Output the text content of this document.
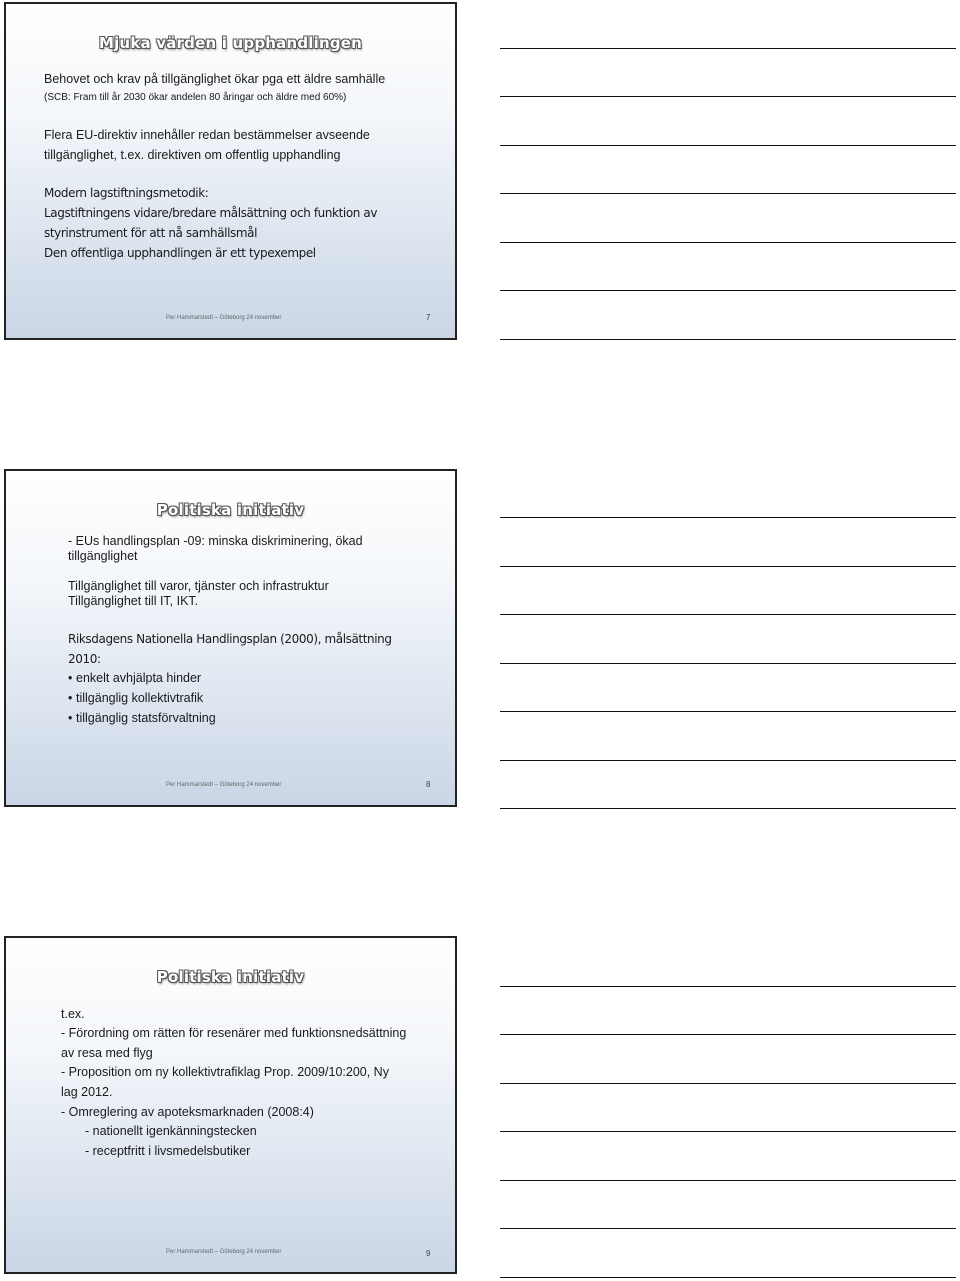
Mjuka värden i upphandlingen
Behovet och krav på tillgänglighet ökar pga ett äldre samhälle
(SCB: Fram till år 2030 ökar andelen 80 åringar och äldre med 60%)
Flera EU-direktiv innehåller redan bestämmelser avseende
tillgänglighet, t.ex. direktiven om offentlig upphandling
Modern lagstiftningsmetodik:
Lagstiftningens vidare/bredare målsättning och funktion av
styrinstrument för att nå samhällsmål
Den offentliga upphandlingen är ett typexempel
Per Hammarstedt – Göteborg 24 november	7
Politiska initiativ
- EUs handlingsplan -09: minska diskriminering, ökad
tillgänglighet
Tillgänglighet till varor, tjänster och infrastruktur
Tillgänglighet till IT, IKT.
Riksdagens Nationella Handlingsplan (2000), målsättning
2010:
• enkelt avhjälpta hinder
• tillgänglig kollektivtrafik
• tillgänglig statsförvaltning
Per Hammarstedt – Göteborg 24 november	8
Politiska initiativ
t.ex.
- Förordning om rätten för resenärer med funktionsnedsättning
av resa med flyg
- Proposition om ny kollektivtrafiklag Prop. 2009/10:200, Ny
lag 2012.
- Omreglering av apoteksmarknaden (2008:4)
- nationellt igenkänningstecken
- receptfritt i livsmedelsbutiker
Per Hammarstedt – Göteborg 24 november	9
